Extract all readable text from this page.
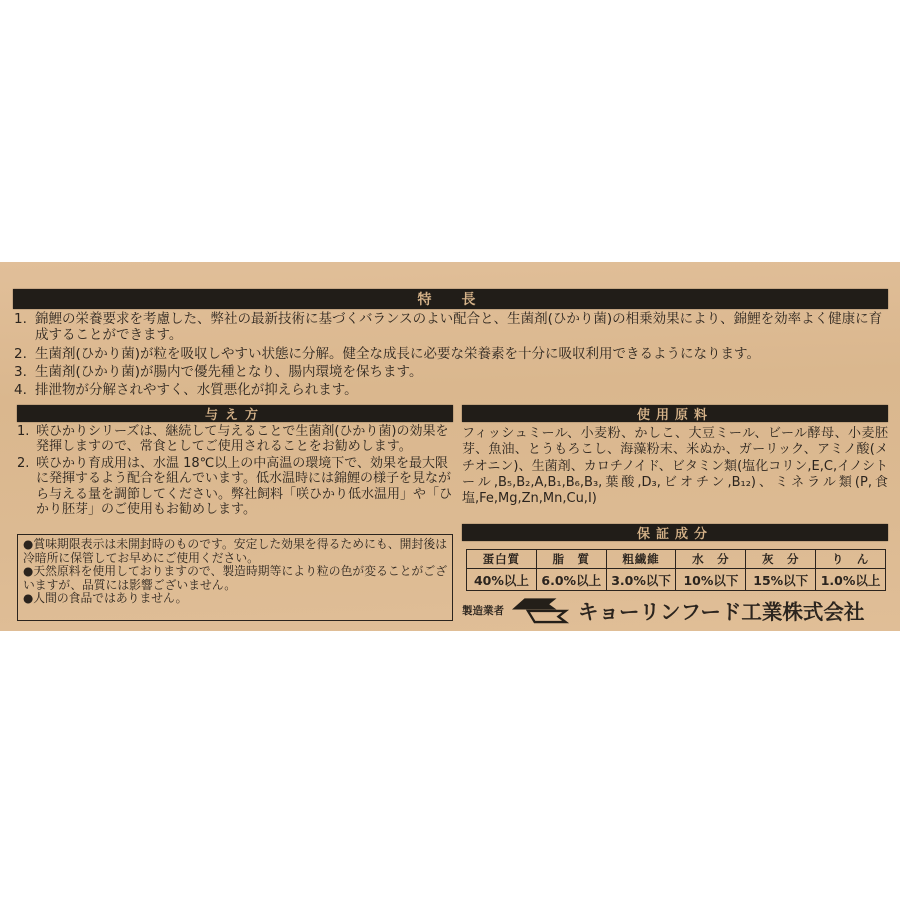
特　長
1. 錦鯉の栄養要求を考慮した、弊社の最新技術に基づくバランスのよい配合と、生菌剤(ひかり菌)の相乗効果により、錦鯉を効率よく健康に育成することができます。
2. 生菌剤(ひかり菌)が粒を吸収しやすい状態に分解。健全な成長に必要な栄養素を十分に吸収利用できるようになります。
3. 生菌剤(ひかり菌)が腸内で優先種となり、腸内環境を保ちます。
4. 排泄物が分解されやすく、水質悪化が抑えられます。
与え方
1. 咲ひかりシリーズは、継続して与えることで生菌剤(ひかり菌)の効果を発揮しますので、常食としてご使用されることをお勧めします。
2. 咲ひかり育成用は、水温 18℃以上の中高温の環境下で、効果を最大限に発揮するよう配合を組んでいます。低水温時には錦鯉の様子を見ながら与える量を調節してください。弊社飼料「咲ひかり低水温用」や「ひかり胚芽」のご使用もお勧めします。

●賞味期限表示は未開封時のものです。安定した効果を得るためにも、開封後は冷暗所に保管してお早めにご使用ください。

●天然原料を使用しておりますので、製造時期等により粒の色が変ることがございますが、品質には影響ございません。

●人間の食品ではありません。

使用原料

フィッシュミール、小麦粉、かしこ、大豆ミール、ビール酵母、小麦胚芽、魚油、とうもろこし、海藻粉末、米ぬか、ガーリック、アミノ酸(メチオニン)、生菌剤、カロチノイド、ビタミン類(塩化コリン,E,C,イノシトール,B₅,B₂,A,B₁,B₆,B₃,葉酸,D₃,ビオチン,B₁₂)、ミネラル類(P,食塩,Fe,Mg,Zn,Mn,Cu,I)

保証成分
蛋白質	脂　質	粗繊維	水　分	灰　分	り　ん
40%以上	6.0%以上	3.0%以下	10%以下	15%以下	1.0%以上
製造業者	キョーリンフード工業株式会社
